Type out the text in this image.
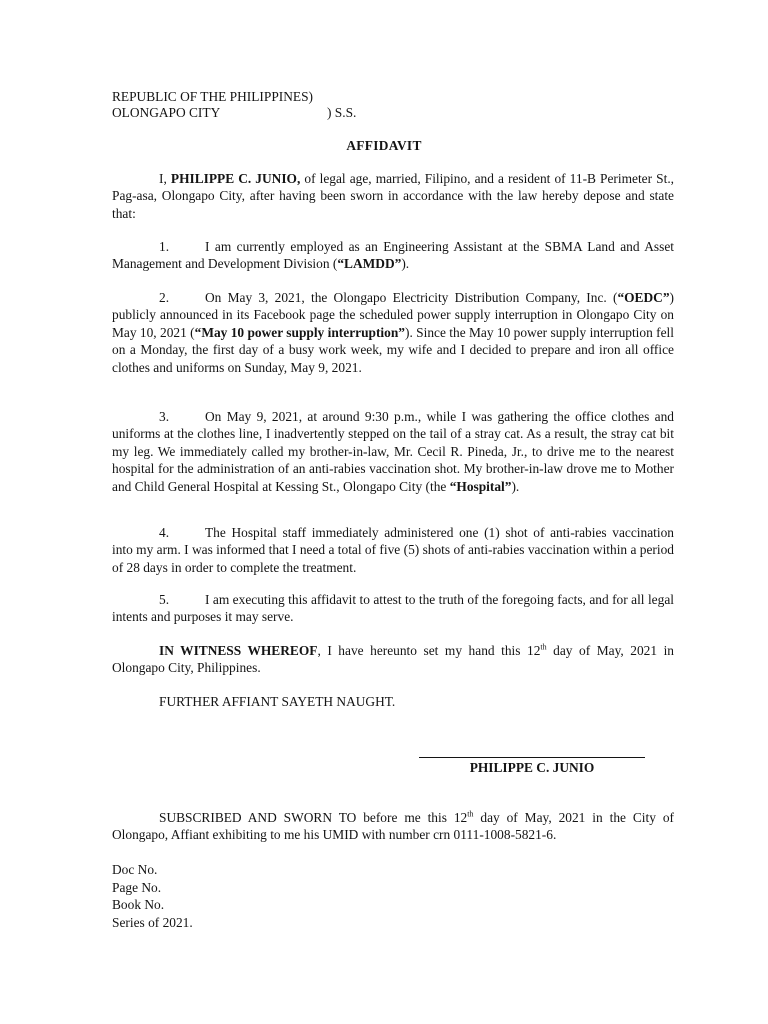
REPUBLIC OF THE PHILIPPINES)
OLONGAPO CITY	) S.S.
AFFIDAVIT

I, PHILIPPE C. JUNIO, of legal age, married, Filipino, and a resident of 11-B Perimeter St., Pag-asa, Olongapo City, after having been sworn in accordance with the law hereby depose and state that:

1.	I am currently employed as an Engineering Assistant at the SBMA Land and Asset Management and Development Division (“LAMDD”).

2.	On May 3, 2021, the Olongapo Electricity Distribution Company, Inc. (“OEDC”) publicly announced in its Facebook page the scheduled power supply interruption in Olongapo City on May 10, 2021 (“May 10 power supply interruption”). Since the May 10 power supply interruption fell on a Monday, the first day of a busy work week, my wife and I decided to prepare and iron all office clothes and uniforms on Sunday, May 9, 2021.

3.	On May 9, 2021, at around 9:30 p.m., while I was gathering the office clothes and uniforms at the clothes line, I inadvertently stepped on the tail of a stray cat. As a result, the stray cat bit my leg. We immediately called my brother-in-law, Mr. Cecil R. Pineda, Jr., to drive me to the nearest hospital for the administration of an anti-rabies vaccination shot. My brother-in-law drove me to Mother and Child General Hospital at Kessing St., Olongapo City (the “Hospital”).

4.	The Hospital staff immediately administered one (1) shot of anti-rabies vaccination into my arm. I was informed that I need a total of five (5) shots of anti-rabies vaccination within a period of 28 days in order to complete the treatment.

5.	I am executing this affidavit to attest to the truth of the foregoing facts, and for all legal intents and purposes it may serve.

IN WITNESS WHEREOF, I have hereunto set my hand this 12th day of May, 2021 in Olongapo City, Philippines.

FURTHER AFFIANT SAYETH NAUGHT.
PHILIPPE C. JUNIO

SUBSCRIBED AND SWORN TO before me this 12th day of May, 2021 in the City of Olongapo, Affiant exhibiting to me his UMID with number crn 0111-1008-5821-6.

Doc No.
Page No.
Book No.
Series of 2021.
